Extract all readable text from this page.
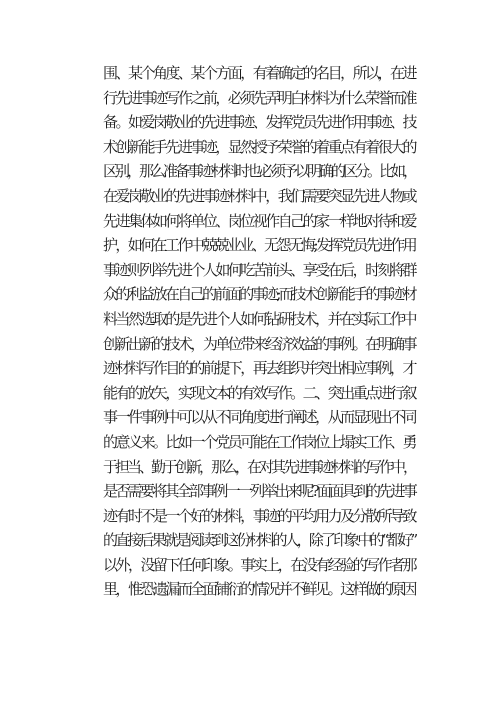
围、某个角度、某个方面，有着确定的名目，所以，在进
行先进事迹写作之前，必须先弄明白材料为什么荣誉而准
备。如爱岗敬业的先进事迹、发挥党员先进作用事迹、技
术创新能手先进事迹，显然授予荣誉的着重点有着很大的
区别，那么准备事迹材料时也必须予以明确的区分。比如，
在爱岗敬业的先进事迹材料中，我们需要突显先进人物或
先进集体如何将单位、岗位视作自己的家一样地对待和爱
护，如何在工作中兢兢业业、无怨无悔;发挥党员先进作用
事迹则列举先进个人如何吃苦前头、享受在后，时刻将群
众的利益放在自己的前面的事迹;而技术创新能手的事迹材
料当然选取的是先进个人如何钻研技术，并在实际工作中
创新出新的技术，为单位带来经济效益的事例。在明确事
迹材料写作目的的前提下，再去组织并突出相应事例，才
能有的放矢，实现文本的有效写作。二、突出重点进行叙
事一件事例中可以从不同角度进行阐述，从而显现出不同
的意义来。比如一个党员可能在工作岗位上塌实工作、勇
于担当、勤于创新，那么，在对其先进事迹材料的写作中，
是否需要将其全部事例一一列举出来呢?面面具到的先进事
迹有时不是一个好的材料，事迹的平均用力及分散所导致
的直接后果就是阅读到这份材料的人，除了印象中的“都好”
以外，没留下任何印象。事实上，在没有经验的写作者那
里，惟恐遗漏而全面铺衍的情况并不鲜见。这样做的原因
